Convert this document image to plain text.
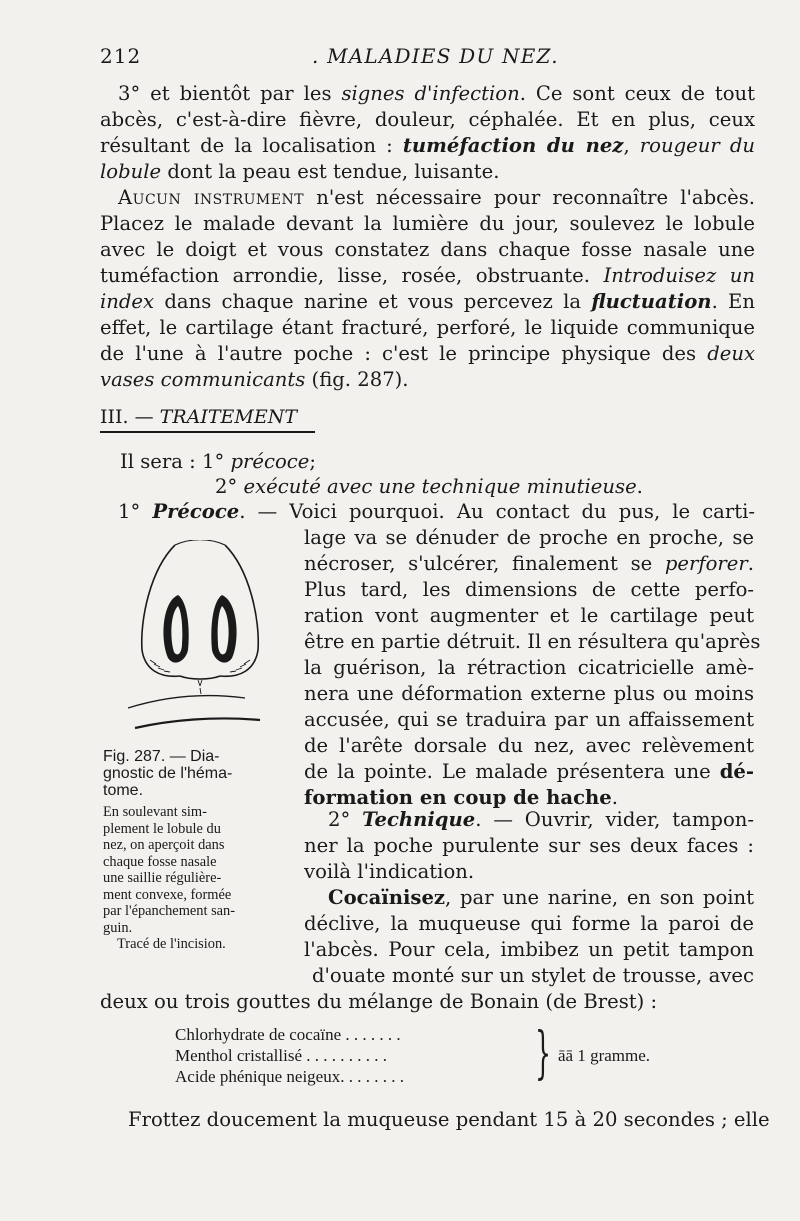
212	. MALADIES DU NEZ.
3° et bientôt par les signes d'infection. Ce sont ceux de tout
abcès, c'est-à-dire fièvre, douleur, céphalée. Et en plus, ceux
résultant de la localisation : tuméfaction du nez, rougeur du
lobule dont la peau est tendue, luisante.
Aucun instrument n'est nécessaire pour reconnaître l'abcès.
Placez le malade devant la lumière du jour, soulevez le lobule
avec le doigt et vous constatez dans chaque fosse nasale une
tuméfaction arrondie, lisse, rosée, obstruante. Introduisez un
index dans chaque narine et vous percevez la fluctuation. En
effet, le cartilage étant fracturé, perforé, le liquide communique
de l'une à l'autre poche : c'est le principe physique des deux
vases communicants (fig. 287).
III. — TRAITEMENT
Il sera : 1° précoce;
2° exécuté avec une technique minutieuse.
1° Précoce. — Voici pourquoi. Au contact du pus, le carti-
lage va se dénuder de proche en proche, se
nécroser, s'ulcérer, finalement se perforer.
Plus tard, les dimensions de cette perfo-
ration vont augmenter et le cartilage peut
être en partie détruit. Il en résultera qu'après
la guérison, la rétraction cicatricielle amè-
nera une déformation externe plus ou moins
accusée, qui se traduira par un affaissement
de l'arête dorsale du nez, avec relèvement
de la pointe. Le malade présentera une dé-
formation en coup de hache.
Fig. 287. — Dia-
gnostic de l'héma-
tome.
En soulevant sim-
plement le lobule du
nez, on aperçoit dans
chaque fosse nasale
une saillie régulière-
ment convexe, formée
par l'épanchement san-
guin.
Tracé de l'incision.
2° Technique. — Ouvrir, vider, tampon-
ner la poche purulente sur ses deux faces :
voilà l'indication.
Cocaïnisez, par une narine, en son point
déclive, la muqueuse qui forme la paroi de
l'abcès. Pour cela, imbibez un petit tampon
d'ouate monté sur un stylet de trousse, avec
deux ou trois gouttes du mélange de Bonain (de Brest) :
Chlorhydrate de cocaïne . . . . . . .
Menthol cristallisé . . . . . . . . . .
Acide phénique neigeux. . . . . . . . } āā 1 gramme.
Frottez doucement la muqueuse pendant 15 à 20 secondes ; elle
